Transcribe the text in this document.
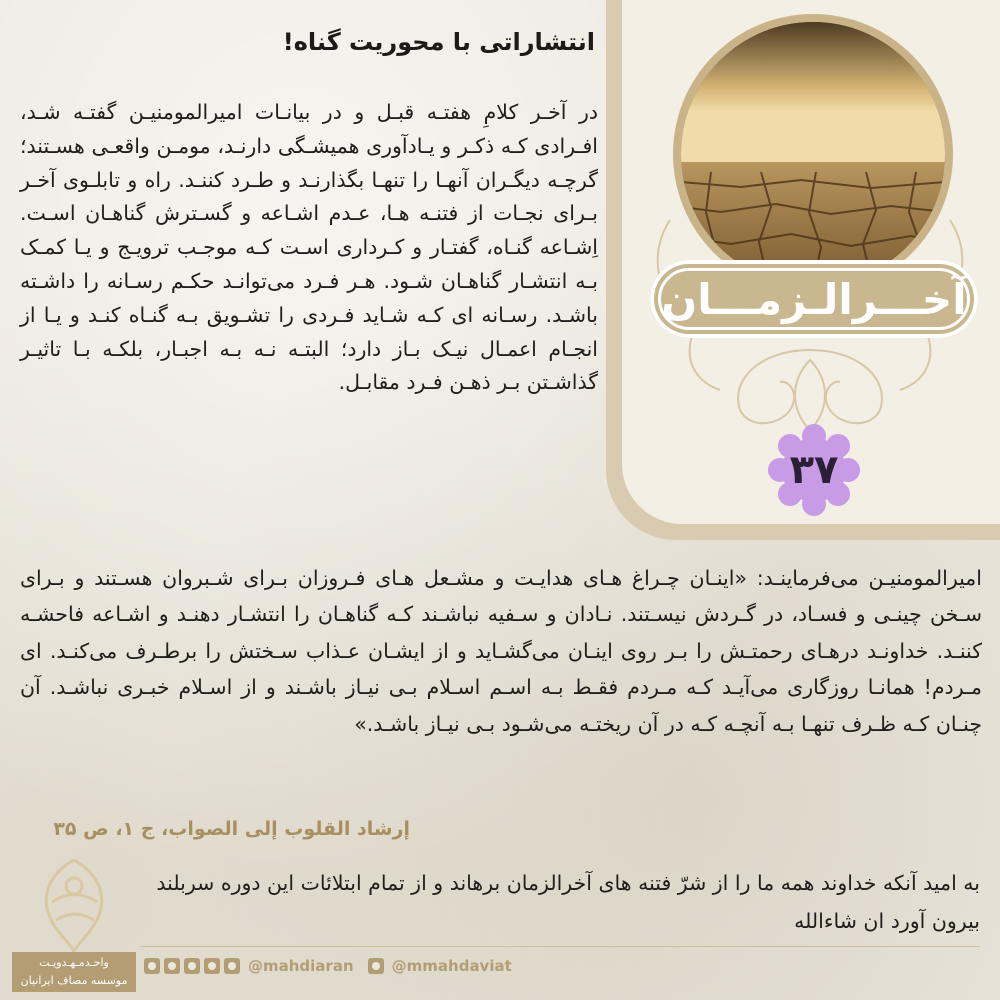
آخـــرالـزمـــان
۳۷
انتشاراتی با محوریت گناه!
در آخـر کلامِ هفتـه قبـل و در بیانـات امیرالمومنیـن گفتـه شـد، افـرادی کـه ذکـر و یـادآوری همیشـگی دارنـد، مومـن واقعـی هسـتند؛ گرچـه دیگـران آنهـا را تنهـا بگذارنـد و طـرد کننـد. راه و تابلـوی آخـر بـرای نجـات از فتنـه هـا، عـدم اشـاعه و گسـترش گناهـان اسـت. اِشـاعه گنـاه، گفتـار و کـرداری اسـت کـه موجـب ترویـج و یـا کمـک بـه انتشـار گناهـان شـود. هـر فـرد می‌توانـد حکـم رسـانه را داشـته باشـد. رسـانه ای کـه شـاید فـردی را تشـویق بـه گنـاه کنـد و یـا از انجـام اعمـال نیـک بـاز دارد؛ البتـه نـه بـه اجبـار، بلکـه بـا تاثیـر گذاشـتن بـر ذهـن فـرد مقابـل.
امیرالمومنیـن می‌فرماینـد: «اینـان چـراغ هـای هدایـت و مشـعل هـای فـروزان بـرای شـبروان هسـتند و بـرای سـخن چینـی و فسـاد، در گـردش نیسـتند. نـادان و سـفیه نباشـند کـه گناهـان را انتشـار دهنـد و اشـاعه فاحشـه کننـد. خداونـد درهـای رحمتـش را بـر روی اینـان می‌گشـاید و از ایشـان عـذاب سـختش را برطـرف می‌کنـد. ای مـردم! همانـا روزگاری می‌آیـد کـه مـردم فقـط بـه اسـم اسـلام بـی نیـاز باشـند و از اسـلام خبـری نباشـد. آن چنـان کـه ظـرف تنهـا بـه آنچـه کـه در آن ریختـه می‌شـود بـی نیـاز باشـد.»
إرشاد القلوب إلی الصواب، ج ۱، ص ۳۵
به امید آنکه خداوند همه ما را از شرّ فتنه های آخرالزمان برهاند و از تمام ابتلائات این دوره سربلند بیرون آورد ان شاءالله
واحـدمـهـدویـت
موسسه مصاف ایرانیان
@mahdiaran	@mmahdaviat
